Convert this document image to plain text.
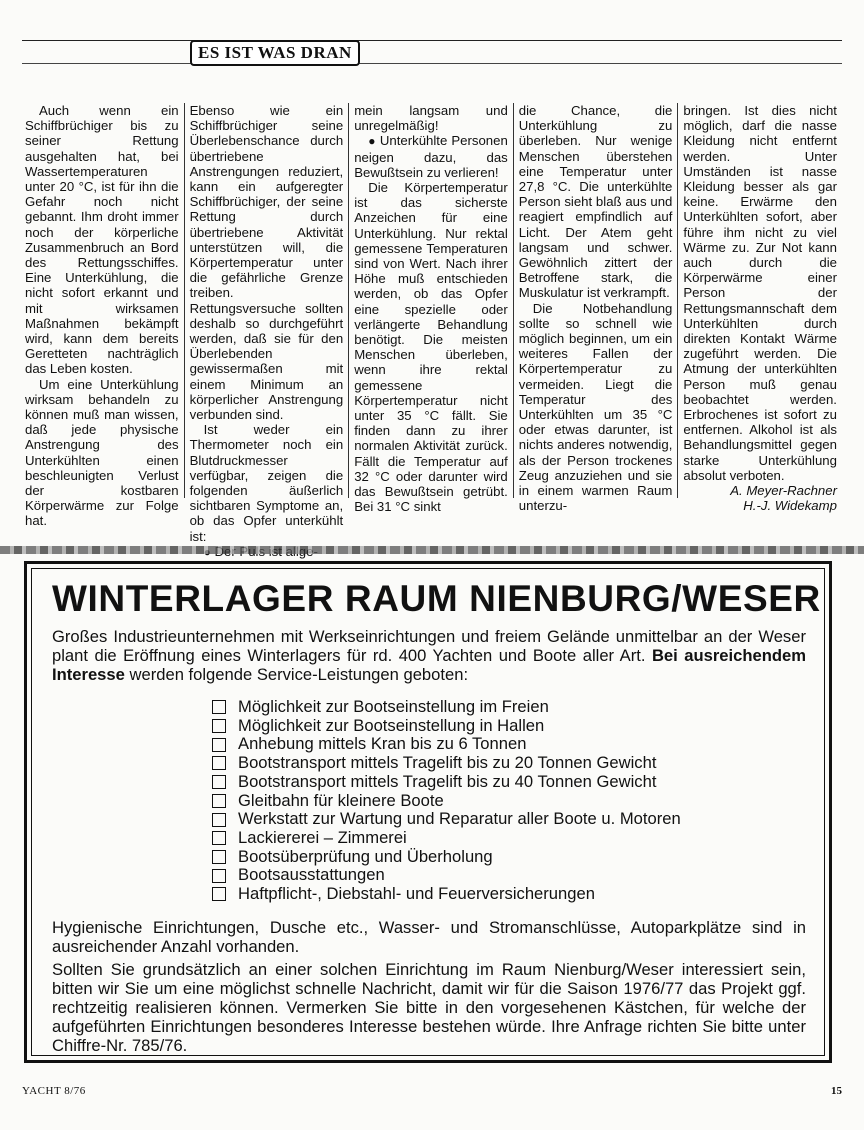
ES IST WAS DRAN

Auch wenn ein Schiffbrüchiger bis zu seiner Rettung ausgehalten hat, bei Wassertemperaturen unter 20 °C, ist für ihn die Gefahr noch nicht gebannt. Ihm droht immer noch der körperliche Zusammenbruch an Bord des Rettungsschiffes. Eine Unterkühlung, die nicht sofort erkannt und mit wirksamen Maßnahmen bekämpft wird, kann dem bereits Geretteten nachträglich das Leben kosten.

Um eine Unterkühlung wirksam behandeln zu können muß man wissen, daß jede physische Anstrengung des Unterkühlten einen beschleunigten Verlust der kostbaren Körperwärme zur Folge hat.

Ebenso wie ein Schiffbrüchiger seine Überlebenschance durch übertriebene Anstrengungen reduziert, kann ein aufgeregter Schiffbrüchiger, der seine Rettung durch übertriebene Aktivität unterstützen will, die Körpertemperatur unter die gefährliche Grenze treiben. Rettungsversuche sollten deshalb so durchgeführt werden, daß sie für den Überlebenden gewissermaßen mit einem Minimum an körperlicher Anstrengung verbunden sind.

Ist weder ein Thermometer noch ein Blutdruckmesser verfügbar, zeigen die folgenden äußerlich sichtbaren Symptome an, ob das Opfer unterkühlt ist:

mein langsam und unregelmäßig!

● Unterkühlte Personen neigen dazu, das Bewußtsein zu verlieren!

Die Körpertemperatur ist das sicherste Anzeichen für eine Unterkühlung. Nur rektal gemessene Temperaturen sind von Wert. Nach ihrer Höhe muß entschieden werden, ob das Opfer eine spezielle oder verlängerte Behandlung benötigt. Die meisten Menschen überleben, wenn ihre rektal gemessene Körpertemperatur nicht unter 35 °C fällt. Sie finden dann zu ihrer normalen Aktivität zurück. Fällt die Temperatur auf 32 °C oder darunter wird das Bewußtsein getrübt. Bei 31 °C sinkt

die Chance, die Unterkühlung zu überleben. Nur wenige Menschen überstehen eine Temperatur unter 27,8 °C. Die unterkühlte Person sieht blaß aus und reagiert empfindlich auf Licht. Der Atem geht langsam und schwer. Gewöhnlich zittert der Betroffene stark, die Muskulatur ist verkrampft.

Die Notbehandlung sollte so schnell wie möglich beginnen, um ein weiteres Fallen der Körpertemperatur zu vermeiden. Liegt die Temperatur des Unterkühlten um 35 °C oder etwas darunter, ist nichts anderes notwendig, als der Person trockenes Zeug anzuziehen und sie in einem warmen Raum unterzu-

bringen. Ist dies nicht möglich, darf die nasse Kleidung nicht entfernt werden. Unter Umständen ist nasse Kleidung besser als gar keine. Erwärme den Unterkühlten sofort, aber führe ihm nicht zu viel Wärme zu. Zur Not kann auch durch die Körperwärme einer Person der Rettungsmannschaft dem Unterkühlten durch direkten Kontakt Wärme zugeführt werden. Die Atmung der unterkühlten Person muß genau beobachtet werden. Erbrochenes ist sofort zu entfernen. Alkohol ist als Behandlungsmittel gegen starke Unterkühlung absolut verboten.

A. Meyer-Rachner

H.-J. Widekamp

WINTERLAGER RAUM NIENBURG/WESER

Großes Industrieunternehmen mit Werkseinrichtungen und freiem Gelände unmittelbar an der Weser plant die Eröffnung eines Winterlagers für rd. 400 Yachten und Boote aller Art. Bei ausreichendem Interesse werden folgende Service-Leistungen geboten:

Möglichkeit zur Bootseinstellung im Freien
Möglichkeit zur Bootseinstellung in Hallen
Anhebung mittels Kran bis zu 6 Tonnen
Bootstransport mittels Tragelift bis zu 20 Tonnen Gewicht
Bootstransport mittels Tragelift bis zu 40 Tonnen Gewicht
Gleitbahn für kleinere Boote
Werkstatt zur Wartung und Reparatur aller Boote u. Motoren
Lackiererei – Zimmerei
Bootsüberprüfung und Überholung
Bootsausstattungen
Haftpflicht-, Diebstahl- und Feuerversicherungen

Hygienische Einrichtungen, Dusche etc., Wasser- und Stromanschlüsse, Autoparkplätze sind in ausreichender Anzahl vorhanden.

Sollten Sie grundsätzlich an einer solchen Einrichtung im Raum Nienburg/Weser interessiert sein, bitten wir Sie um eine möglichst schnelle Nachricht, damit wir für die Saison 1976/77 das Projekt ggf. rechtzeitig realisieren können. Vermerken Sie bitte in den vorgesehenen Kästchen, für welche der aufgeführten Einrichtungen besonderes Interesse bestehen würde. Ihre Anfrage richten Sie bitte unter Chiffre-Nr. 785/76.

YACHT 8/76	15
